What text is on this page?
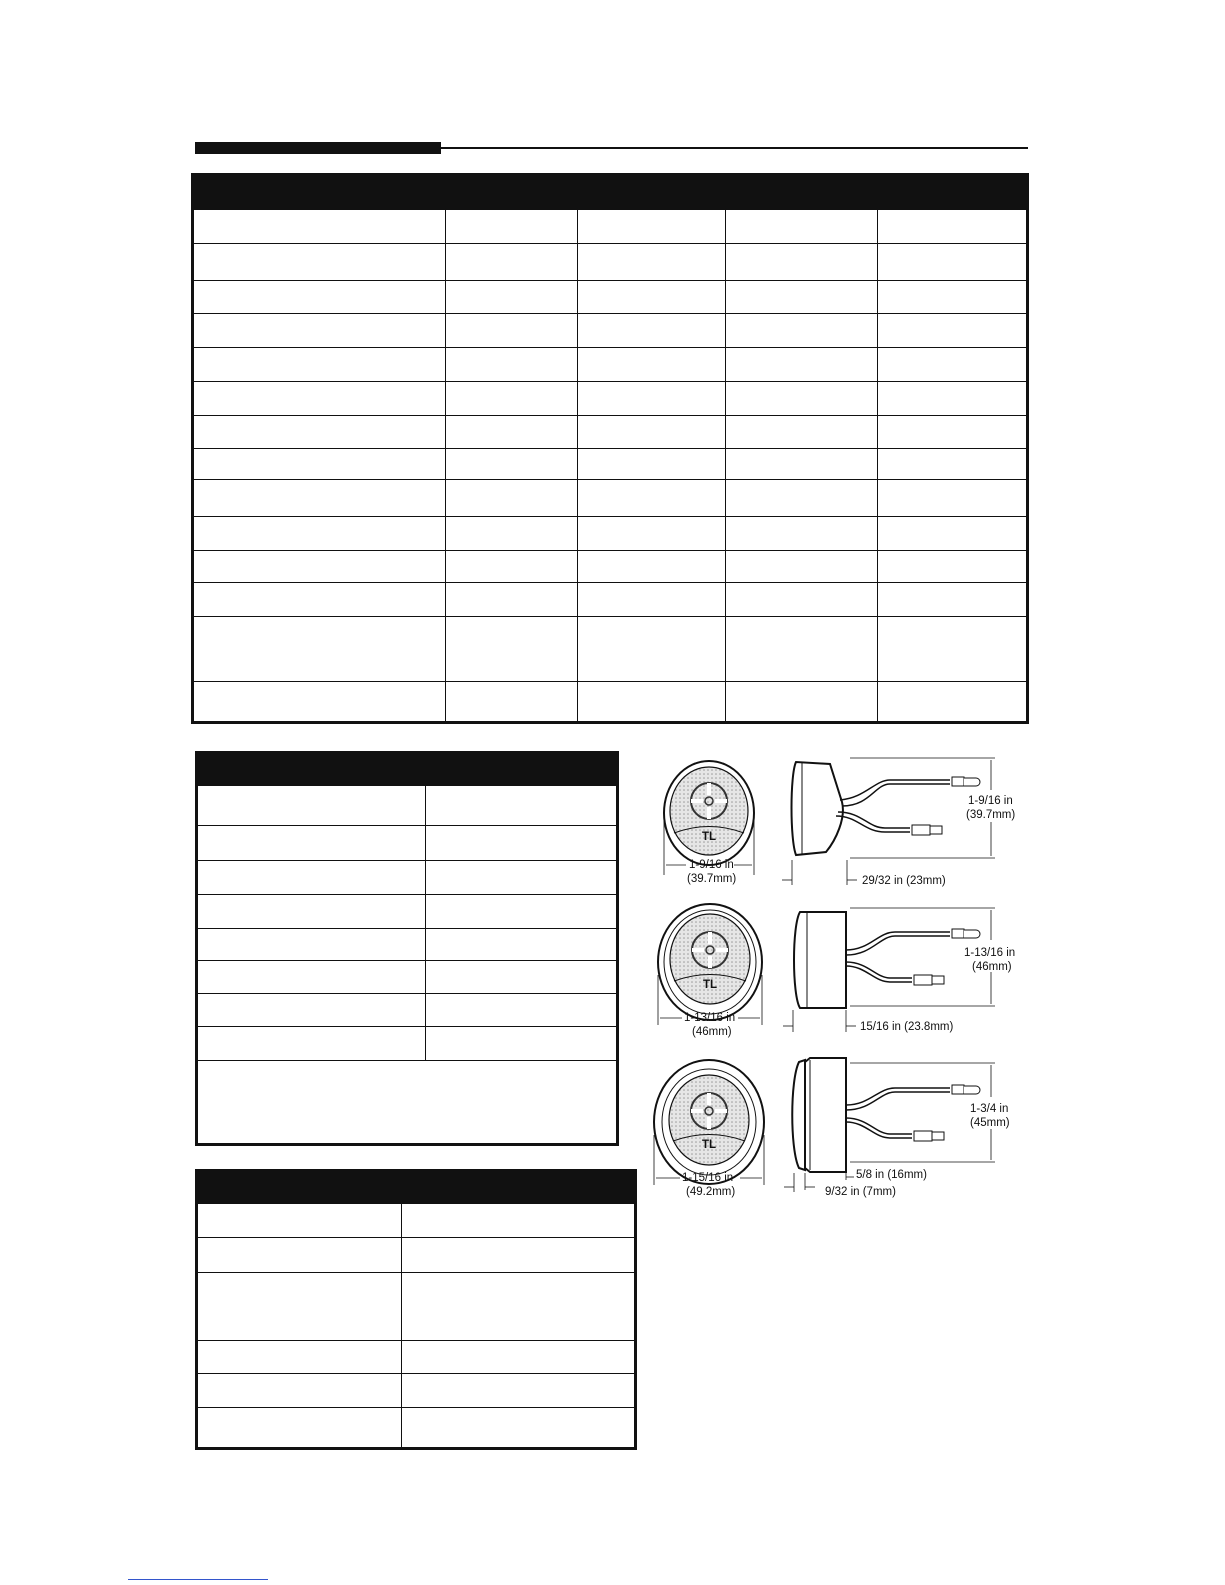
TL
1-9/16 in
(39.7mm)
1-9/16 in
(39.7mm)
29/32 in (23mm)
TL
1-13/16 in
(46mm)
1-13/16 in
(46mm)
15/16 in (23.8mm)
TL
1-15/16 in
(49.2mm)
1-3/4 in
(45mm)
5/8 in (16mm)
9/32 in (7mm)
